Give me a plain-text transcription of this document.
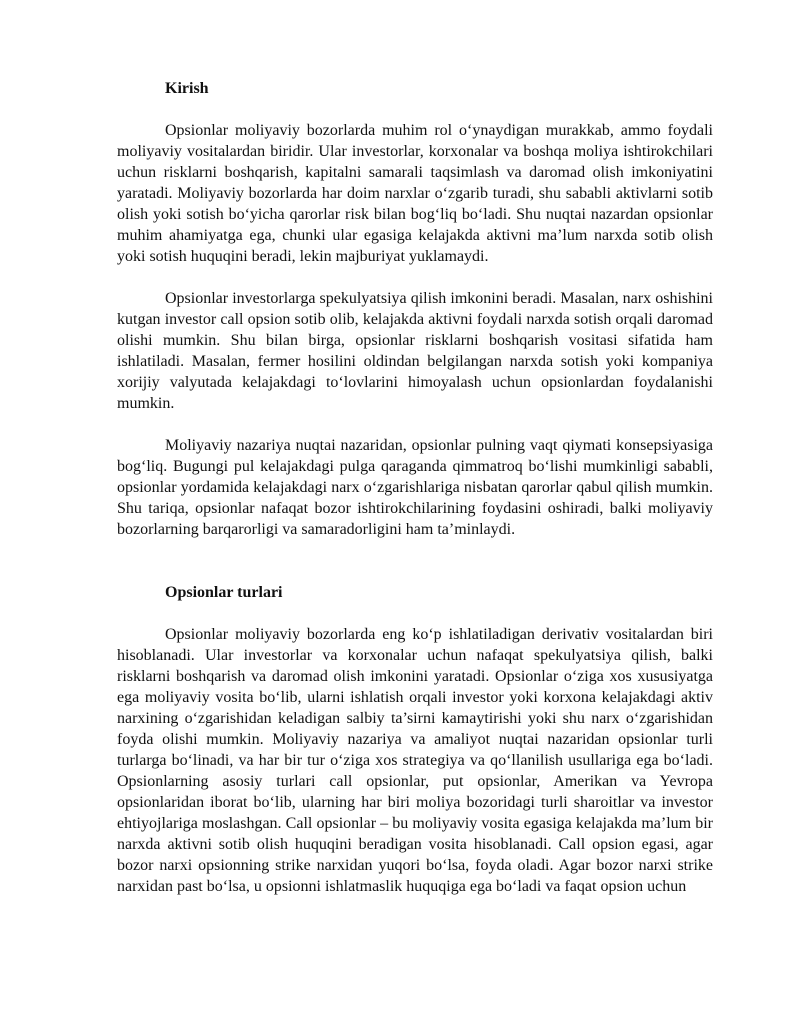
Kirish

Opsionlar moliyaviy bozorlarda muhim rol o‘ynaydigan murakkab, ammo foydali moliyaviy vositalardan biridir. Ular investorlar, korxonalar va boshqa moliya ishtirokchilari uchun risklarni boshqarish, kapitalni samarali taqsimlash va daromad olish imkoniyatini yaratadi. Moliyaviy bozorlarda har doim narxlar o‘zgarib turadi, shu sababli aktivlarni sotib olish yoki sotish bo‘yicha qarorlar risk bilan bog‘liq bo‘ladi. Shu nuqtai nazardan opsionlar muhim ahamiyatga ega, chunki ular egasiga kelajakda aktivni ma’lum narxda sotib olish yoki sotish huquqini beradi, lekin majburiyat yuklamaydi.

Opsionlar investorlarga spekulyatsiya qilish imkonini beradi. Masalan, narx oshishini kutgan investor call opsion sotib olib, kelajakda aktivni foydali narxda sotish orqali daromad olishi mumkin. Shu bilan birga, opsionlar risklarni boshqarish vositasi sifatida ham ishlatiladi. Masalan, fermer hosilini oldindan belgilangan narxda sotish yoki kompaniya xorijiy valyutada kelajakdagi to‘lovlarini himoyalash uchun opsionlardan foydalanishi mumkin.

Moliyaviy nazariya nuqtai nazaridan, opsionlar pulning vaqt qiymati konsepsiyasiga bog‘liq. Bugungi pul kelajakdagi pulga qaraganda qimmatroq bo‘lishi mumkinligi sababli, opsionlar yordamida kelajakdagi narx o‘zgarishlariga nisbatan qarorlar qabul qilish mumkin. Shu tariqa, opsionlar nafaqat bozor ishtirokchilarining foydasini oshiradi, balki moliyaviy bozorlarning barqarorligi va samaradorligini ham ta’minlaydi.

Opsionlar turlari

Opsionlar moliyaviy bozorlarda eng ko‘p ishlatiladigan derivativ vositalardan biri hisoblanadi. Ular investorlar va korxonalar uchun nafaqat spekulyatsiya qilish, balki risklarni boshqarish va daromad olish imkonini yaratadi. Opsionlar o‘ziga xos xususiyatga ega moliyaviy vosita bo‘lib, ularni ishlatish orqali investor yoki korxona kelajakdagi aktiv narxining o‘zgarishidan keladigan salbiy ta’sirni kamaytirishi yoki shu narx o‘zgarishidan foyda olishi mumkin. Moliyaviy nazariya va amaliyot nuqtai nazaridan opsionlar turli turlarga bo‘linadi, va har bir tur o‘ziga xos strategiya va qo‘llanilish usullariga ega bo‘ladi. Opsionlarning asosiy turlari call opsionlar, put opsionlar, Amerikan va Yevropa opsionlaridan iborat bo‘lib, ularning har biri moliya bozoridagi turli sharoitlar va investor ehtiyojlariga moslashgan. Call opsionlar – bu moliyaviy vosita egasiga kelajakda ma’lum bir narxda aktivni sotib olish huquqini beradigan vosita hisoblanadi. Call opsion egasi, agar bozor narxi opsionning strike narxidan yuqori bo‘lsa, foyda oladi. Agar bozor narxi strike narxidan past bo‘lsa, u opsionni ishlatmaslik huquqiga ega bo‘ladi va faqat opsion uchun
